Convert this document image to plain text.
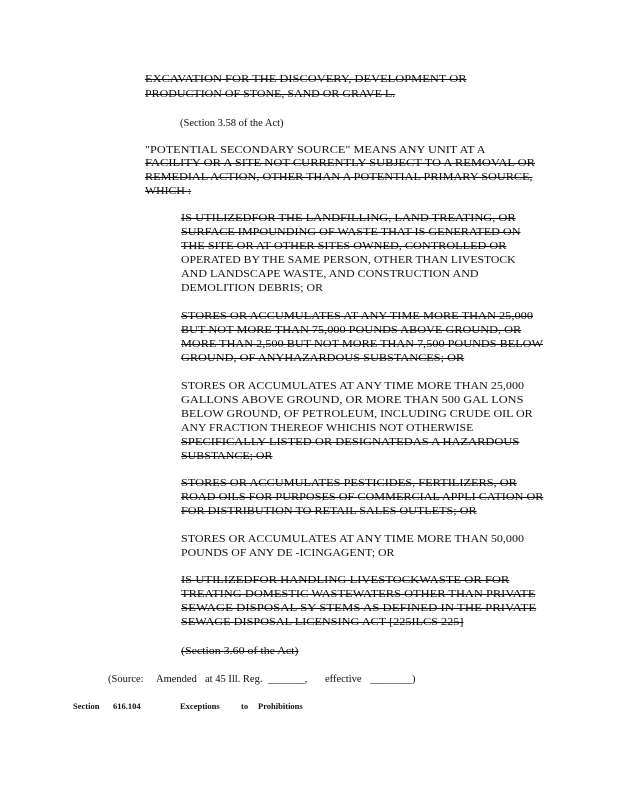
EXCAVATION FOR THE DISCOVERY, DEVELOPMENT OR
PRODUCTION OF STONE, SAND OR GRAVE L.
(Section 3.58 of the Act)
"POTENTIAL SECONDARY SOURCE" MEANS ANY UNIT AT A
FACILITY OR A SITE NOT CURRENTLY SUBJECT TO A REMOVAL OR
REMEDIAL ACTION, OTHER THAN A POTENTIAL PRIMARY SOURCE,
WHICH :
IS UTILIZEDFOR THE LANDFILLING, LAND TREATING, OR
SURFACE IMPOUNDING OF WASTE THAT IS GENERATED ON
THE SITE OR AT OTHER SITES OWNED, CONTROLLED OR
OPERATED BY THE SAME PERSON, OTHER THAN LIVESTOCK
AND LANDSCAPE WASTE, AND CONSTRUCTION AND
DEMOLITION DEBRIS; OR
STORES OR ACCUMULATES AT ANY TIME MORE THAN 25,000
BUT NOT MORE THAN 75,000 POUNDS ABOVE GROUND, OR
MORE THAN 2,500 BUT NOT MORE THAN 7,500 POUNDS BELOW
GROUND, OF ANYHAZARDOUS SUBSTANCES; OR
STORES OR ACCUMULATES AT ANY TIME MORE THAN 25,000
GALLONS ABOVE GROUND, OR MORE THAN 500 GAL LONS
BELOW GROUND, OF PETROLEUM, INCLUDING CRUDE OIL OR
ANY FRACTION THEREOF WHICHIS NOT OTHERWISE
SPECIFICALLY LISTED OR DESIGNATEDAS A HAZARDOUS
SUBSTANCE; OR
STORES OR ACCUMULATES PESTICIDES, FERTILIZERS, OR
ROAD OILS FOR PURPOSES OF COMMERCIAL APPLI CATION OR
FOR DISTRIBUTION TO RETAIL SALES OUTLETS; OR
STORES OR ACCUMULATES AT ANY TIME MORE THAN 50,000
POUNDS OF ANY DE -ICINGAGENT; OR
IS UTILIZEDFOR HANDLING LIVESTOCKWASTE OR FOR
TREATING DOMESTIC WASTEWATERS OTHER THAN PRIVATE
SEWAGE DISPOSAL SY STEMS AS DEFINED IN THE PRIVATE
SEWAGE DISPOSAL LICENSING ACT [225ILCS 225]
(Section 3.60 of the Act)
(Source: Amended at 45 Ill. Reg. _______, effective ________)
Section 616.104	Exceptions	to Prohibitions
